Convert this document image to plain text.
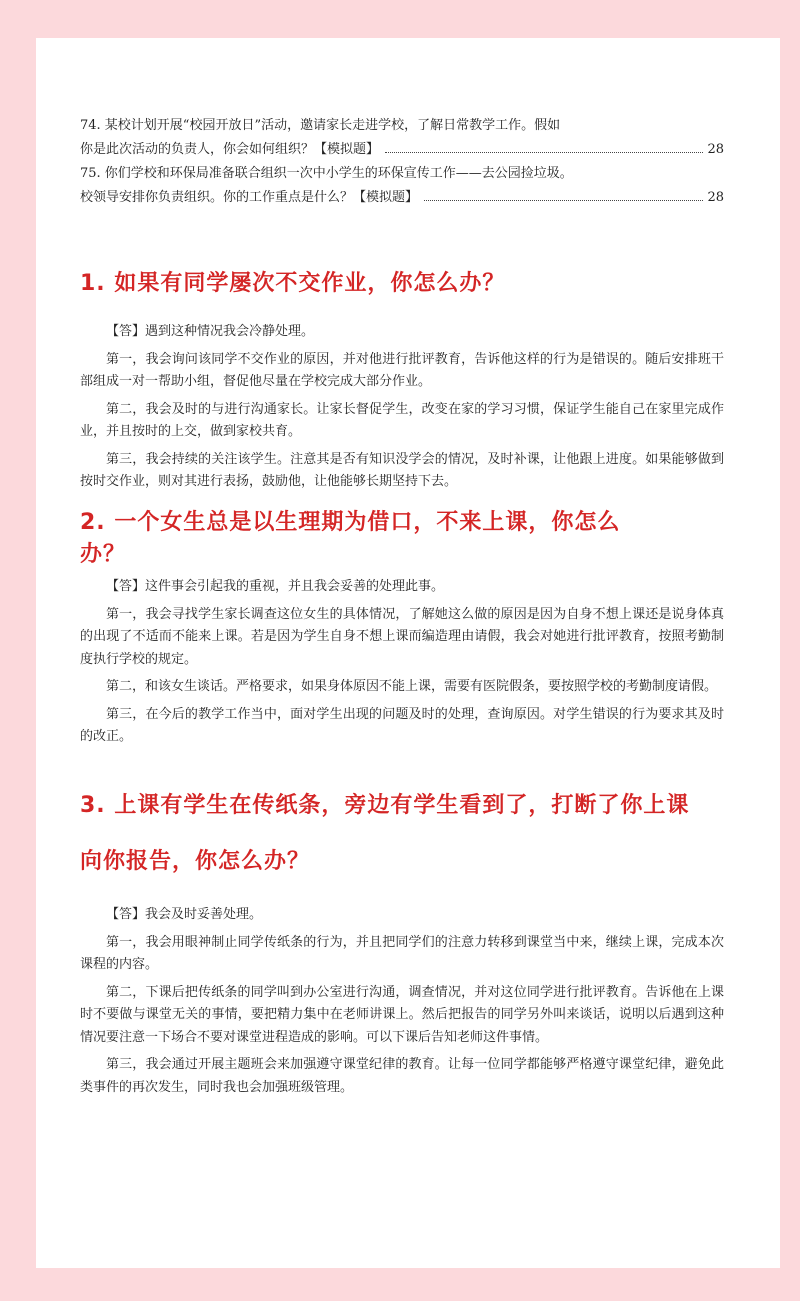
74. 某校计划开展“校园开放日”活动，邀请家长走进学校，了解日常教学工作。假如
你是此次活动的负责人，你会如何组织？【模拟题】	28
75. 你们学校和环保局准备联合组织一次中小学生的环保宣传工作——去公园捡垃圾。
校领导安排你负责组织。你的工作重点是什么？【模拟题】	28
1. 如果有同学屡次不交作业，你怎么办？

【答】遇到这种情况我会冷静处理。

第一，我会询问该同学不交作业的原因，并对他进行批评教育，告诉他这样的行为是错误的。随后安排班干部组成一对一帮助小组，督促他尽量在学校完成大部分作业。

第二，我会及时的与进行沟通家长。让家长督促学生，改变在家的学习习惯，保证学生能自己在家里完成作业，并且按时的上交，做到家校共育。

第三，我会持续的关注该学生。注意其是否有知识没学会的情况，及时补课，让他跟上进度。如果能够做到按时交作业，则对其进行表扬，鼓励他，让他能够长期坚持下去。

2. 一个女生总是以生理期为借口，不来上课，你怎么
办？

【答】这件事会引起我的重视，并且我会妥善的处理此事。

第一，我会寻找学生家长调查这位女生的具体情况，了解她这么做的原因是因为自身不想上课还是说身体真的出现了不适而不能来上课。若是因为学生自身不想上课而编造理由请假，我会对她进行批评教育，按照考勤制度执行学校的规定。

第二，和该女生谈话。严格要求，如果身体原因不能上课，需要有医院假条，要按照学校的考勤制度请假。

第三，在今后的教学工作当中，面对学生出现的问题及时的处理，查询原因。对学生错误的行为要求其及时的改正。

3. 上课有学生在传纸条，旁边有学生看到了，打断了你上课
向你报告，你怎么办？

【答】我会及时妥善处理。

第一，我会用眼神制止同学传纸条的行为，并且把同学们的注意力转移到课堂当中来，继续上课，完成本次课程的内容。

第二，下课后把传纸条的同学叫到办公室进行沟通，调查情况，并对这位同学进行批评教育。告诉他在上课时不要做与课堂无关的事情，要把精力集中在老师讲课上。然后把报告的同学另外叫来谈话，说明以后遇到这种情况要注意一下场合不要对课堂进程造成的影响。可以下课后告知老师这件事情。

第三，我会通过开展主题班会来加强遵守课堂纪律的教育。让每一位同学都能够严格遵守课堂纪律，避免此类事件的再次发生，同时我也会加强班级管理。
